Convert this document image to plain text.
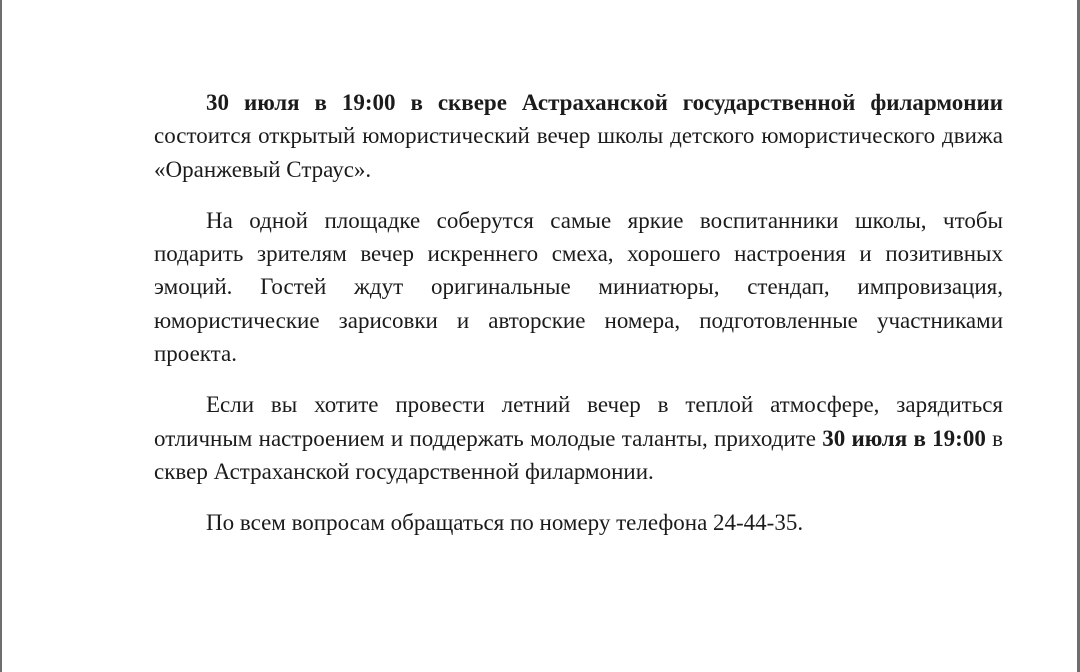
30 июля в 19:00 в сквере Астраханской государственной филармонии состоится открытый юмористический вечер школы детского юмористического движа «Оранжевый Страус».

На одной площадке соберутся самые яркие воспитанники школы, чтобы подарить зрителям вечер искреннего смеха, хорошего настроения и позитивных эмоций. Гостей ждут оригинальные миниатюры, стендап, импровизация, юмористические зарисовки и авторские номера, подготовленные участниками проекта.

Если вы хотите провести летний вечер в теплой атмосфере, зарядиться отличным настроением и поддержать молодые таланты, приходите 30 июля в 19:00 в сквер Астраханской государственной филармонии.

По всем вопросам обращаться по номеру телефона 24-44-35.
